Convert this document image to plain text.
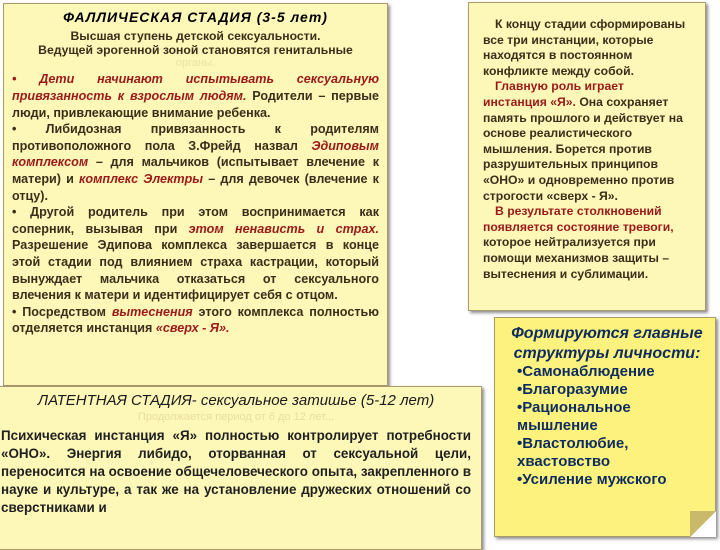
ФАЛЛИЧЕСКАЯ СТАДИЯ (3-5 лет)

Высшая ступень детской сексуальности.

Ведущей эрогенной зоной становятся генитальные

органы.

• Дети начинают испытывать сексуальную привязанность к взрослым людям. Родители – первые люди, привлекающие внимание ребенка.

• Либидозная привязанность к родителям противоположного пола З.Фрейд назвал Эдиповым комплексом – для мальчиков (испытывает влечение к матери) и комплекс Электры – для девочек (влечение к отцу).

• Другой родитель при этом воспринимается как соперник, вызывая при этом ненависть и страх. Разрешение Эдипова комплекса завершается в конце этой стадии под влиянием страха кастрации, который вынуждает мальчика отказаться от сексуального влечения к матери и идентифицирует себя с отцом.

• Посредством вытеснения этого комплекса полностью отделяется инстанция «сверх - Я».

ЛАТЕНТНАЯ СТАДИЯ- сексуальное затишье (5-12 лет)

Продолжается период от 6 до 12 лет...

Психическая инстанция «Я» полностью контролирует потребности «ОНО». Энергия либидо, оторванная от сексуальной цели, переносится на освоение общечеловеческого опыта, закрепленного в науке и культуре, а так же на установление дружеских отношений со сверстниками и

К концу стадии сформированы все три инстанции, которые находятся в постоянном конфликте между собой.

Главную роль играет инстанция «Я». Она сохраняет память прошлого и действует на основе реалистического мышления. Борется против разрушительных принципов «ОНО» и одновременно против строгости «сверх - Я».

В результате столкновений появляется состояние тревоги, которое нейтрализуется при помощи механизмов защиты – вытеснения и сублимации.

Формируются главные структуры личности:

•Самонаблюдение
•Благоразумие
•Рациональное мышление
•Властолюбие, хвастовство
•Усиление мужского
